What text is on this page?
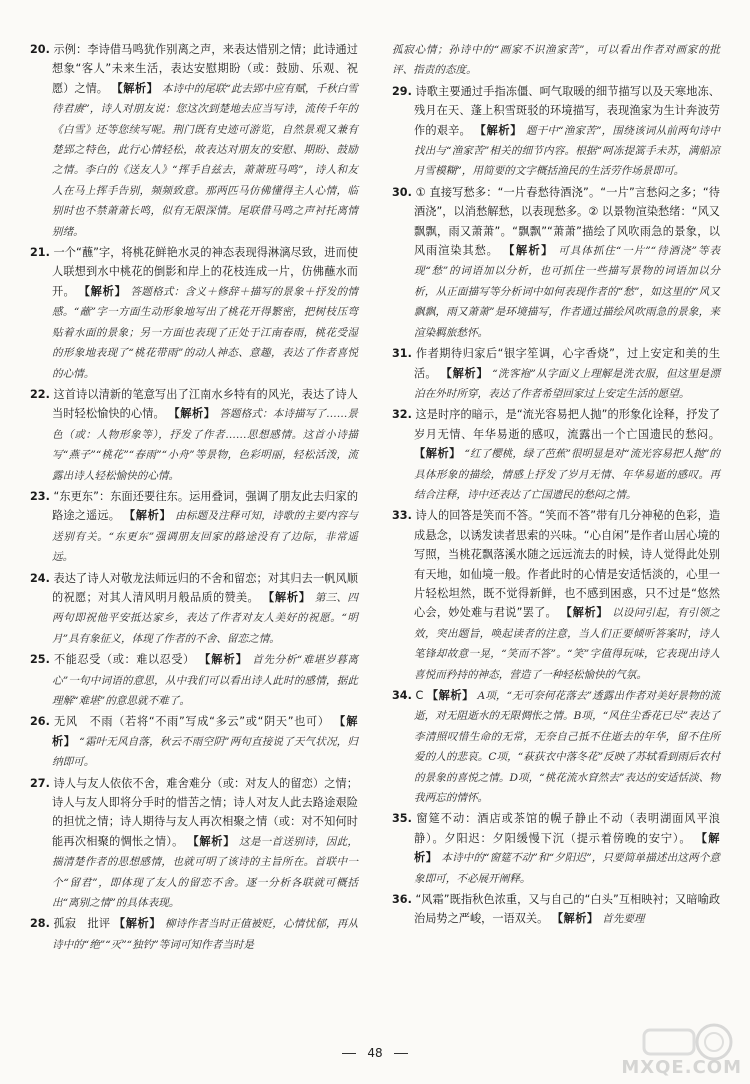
20. 示例：李诗借马鸣犹作别离之声，来表达惜别之情；此诗通过想象“客人”未来生活，表达安慰期盼（或：鼓励、乐观、祝愿）之情。 【解析】 本诗中的尾联“此去郢中应有赋，千秋白雪待君赓”，诗人对朋友说：您这次到楚地去应当写诗，流传千年的《白雪》还等您续写呢。荆门既有史迹可游览，自然景观又兼有楚郢之特色，此行心情轻松，故表达对朋友的安慰、期盼、鼓励之情。李白的《送友人》“挥手自兹去，萧萧班马鸣”，诗人和友人在马上挥手告别，频频致意。那两匹马仿佛懂得主人心情，临别时也不禁萧萧长鸣，似有无限深情。尾联借马鸣之声衬托离情别绪。

21. 一个“蘸”字，将桃花鲜艳水灵的神态表现得淋漓尽致，进而使人联想到水中桃花的倒影和岸上的花枝连成一片，仿佛蘸水而开。 【解析】 答题格式：含义＋修辞＋描写的景象＋抒发的情感。“蘸”字一方面生动形象地写出了桃花开得繁密，把树枝压弯贴着水面的景象；另一方面也表现了正处于江南春雨，桃花受湿的形象地表现了“桃花带雨”的动人神态、意趣，表达了作者喜悦的心情。

22. 这首诗以清新的笔意写出了江南水乡特有的风光，表达了诗人当时轻松愉快的心情。 【解析】 答题格式：本诗描写了……景色（或：人物形象等），抒发了作者……思想感情。这首小诗描写“燕子”“桃花”“春雨”“小舟”等景物，色彩明丽，轻松活泼，流露出诗人轻松愉快的心情。

23. “东更东”：东面还要往东。运用叠词，强调了朋友此去归家的路途之遥远。 【解析】 由标题及注释可知，诗歌的主要内容与送别有关。“东更东”强调朋友回家的路途没有了边际，非常遥远。

24. 表达了诗人对敬龙法师远归的不舍和留恋；对其归去一帆风顺的祝愿；对其人清风明月般品质的赞美。 【解析】 第三、四两句即祝他平安抵达家乡，表达了作者对友人美好的祝愿。“明月”具有象征义，体现了作者的不舍、留恋之情。

25. 不能忍受（或：难以忍受） 【解析】 首先分析“难堪岁暮离心”一句中词语的意思，从中我们可以看出诗人此时的感情，据此理解“难堪”的意思就不难了。

26. 无风　不雨（若将“不雨”写成“多云”或“阴天”也可） 【解析】 “霜叶无风自落，秋云不雨空阴”两句直接说了天气状况，归纳即可。

27. 诗人与友人依依不舍，难舍难分（或：对友人的留恋）之情；诗人与友人即将分手时的惜苦之情；诗人对友人此去路途艰险的担忧之情；诗人期待与友人再次相聚之情（或：对不知何时能再次相聚的惆怅之情）。 【解析】 这是一首送别诗，因此，揣清楚作者的思想感情，也就可明了该诗的主旨所在。首联中一个“留君”，即体现了友人的留恋不舍。逐一分析各联就可概括出“离别之情”的具体表现。

28. 孤寂　批评 【解析】 柳诗作者当时正值被贬，心情忧郁，再从诗中的“绝”“灭”“独钓”等词可知作者当时是

孤寂心情；孙诗中的“画家不识渔家苦”，可以看出作者对画家的批评、指责的态度。

29. 诗歌主要通过手指冻僵、呵气取暖的细节描写以及天寒地冻、残月在天、蓬上积雪斑驳的环境描写，表现渔家为生计奔波劳作的艰辛。 【解析】 题干中“渔家苦”，围绕该词从前两句诗中找出与“渔家苦”相关的细节内容。根据“呵冻提篙手未苏，满船凉月雪模糊”，用简要的文字概括渔民的生活劳作场景即可。

30. ① 直接写愁多：“一片春愁待酒浇”。“一片”言愁闷之多；“待酒浇”，以消愁解愁，以表现愁多。② 以景物渲染愁绪：“风又飘飘，雨又萧萧”。“飘飘”“萧萧”描绘了风吹雨急的景象，以风雨渲染其愁。 【解析】 可具体抓住“一片”“待酒浇”等表现“愁”的词语加以分析，也可抓住一些描写景物的词语加以分析，从正面描写等分析词中如何表现作者的“愁”，如这里的“风又飘飘，雨又萧萧”是环境描写，作者通过描绘风吹雨急的景象，来渲染羁旅愁怀。

31. 作者期待归家后“银字笙调，心字香烧”，过上安定和美的生活。 【解析】 “洗客袍”从字面义上理解是洗衣服，但这里是漂泊在外时所穿，表达了作者希望回家过上安定生活的愿望。

32. 这是时序的暗示，是“流光容易把人抛”的形象化诠释，抒发了岁月无情、年华易逝的感叹，流露出一个亡国遗民的愁闷。 【解析】 “红了樱桃，绿了芭蕉”很明显是对“流光容易把人抛”的具体形象的描绘，情感上抒发了岁月无情、年华易逝的感叹。再结合注释，诗中还表达了亡国遗民的愁闷之情。

33. 诗人的回答是笑而不答。“笑而不答”带有几分神秘的色彩，造成悬念，以诱发读者思索的兴味。“心自闲”是作者山居心境的写照，当桃花飘落溪水随之远远流去的时候，诗人觉得此处别有天地，如仙境一般。作者此时的心情是安适恬淡的，心里一片轻松坦然，既不觉得新鲜，也不感到困惑，只不过是“悠然心会，妙处难与君说”罢了。 【解析】 以设问引起，有引领之效，突出题旨，唤起读者的注意，当人们正要倾听答案时，诗人笔锋却故意一晃，“笑而不答”。“笑”字值得玩味，它表现出诗人喜悦而矜持的神态，营造了一种轻松愉快的气氛。

34. C 【解析】 A项，“无可奈何花落去”透露出作者对美好景物的流逝，对无阻逝水的无限惆怅之情。B项，“风住尘香花已尽”表达了李清照叹惜生命的无常，无奈自己抵不住逝去的年华，留不住所爱的人的悲哀。C项，“萩荻衣中落冬花”反映了苏轼看到雨后农村的景象的喜悦之情。D项，“桃花流水窅然去”表达的安适恬淡、物我两忘的情怀。

35. 窗筵不动：酒店或茶馆的幌子静止不动（表明湖面风平浪静）。夕阳迟：夕阳缓慢下沉（提示着傍晚的安宁）。 【解析】 本诗中的“窗筵不动”和“夕阳迟”，只要简单描述出这两个意象即可，不必展开阐释。

36. “风霜”既指秋色浓重，又与自己的“白头”互相映衬；又暗喻政治局势之严峻，一语双关。 【解析】 首先要理

48
MXQE.COM
